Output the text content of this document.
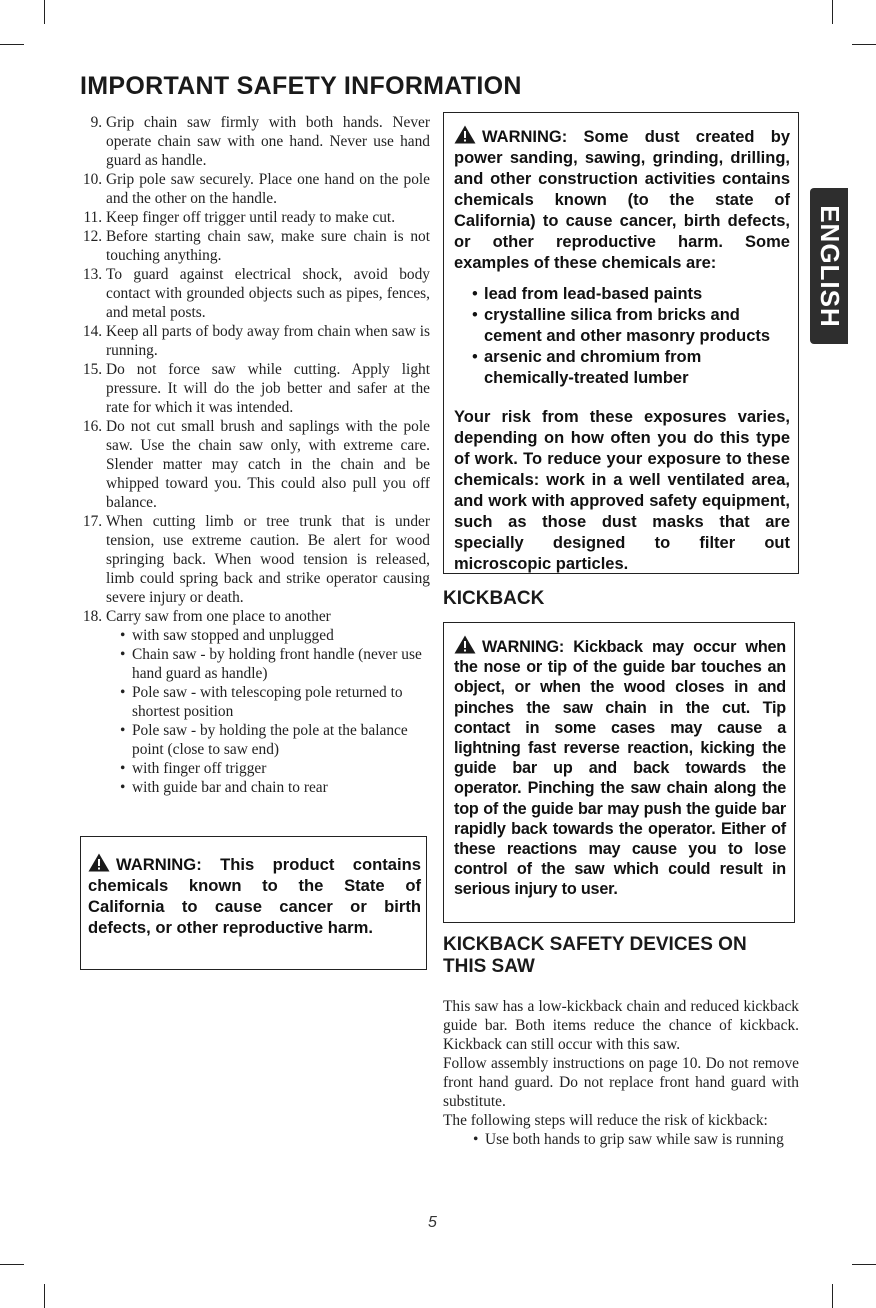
IMPORTANT SAFETY INFORMATION
ENGLISH
9. Grip chain saw firmly with both hands. Never operate chain saw with one hand. Never use hand guard as handle.
10. Grip pole saw securely. Place one hand on the pole and the other on the handle.
11. Keep finger off trigger until ready to make cut.
12. Before starting chain saw, make sure chain is not touching anything.
13. To guard against electrical shock, avoid body contact with grounded objects such as pipes, fences, and metal posts.
14. Keep all parts of body away from chain when saw is running.
15. Do not force saw while cutting. Apply light pressure. It will do the job better and safer at the rate for which it was intended.
16. Do not cut small brush and saplings with the pole saw. Use the chain saw only, with extreme care. Slender matter may catch in the chain and be whipped toward you. This could also pull you off balance.
17. When cutting limb or tree trunk that is under tension, use extreme caution. Be alert for wood springing back. When wood tension is released, limb could spring back and strike operator causing severe injury or death.
18. Carry saw from one place to another
• with saw stopped and unplugged
• Chain saw - by holding front handle (never use hand guard as handle)
• Pole saw - with telescoping pole returned to shortest position
• Pole saw - by holding the pole at the balance point (close to saw end)
• with finger off trigger
• with guide bar and chain to rear

WARNING: This product contains chemicals known to the State of California to cause cancer or birth defects, or other reproductive harm.

WARNING: Some dust created by power sanding, sawing, grinding, drilling, and other construction activities contains chemicals known (to the state of California) to cause cancer, birth defects, or other reproductive harm. Some examples of these chemicals are:

• lead from lead-based paints
• crystalline silica from bricks and cement and other masonry products
• arsenic and chromium from chemically-treated lumber

Your risk from these exposures varies, depending on how often you do this type of work. To reduce your exposure to these chemicals: work in a well ventilated area, and work with approved safety equipment, such as those dust masks that are specially designed to filter out microscopic particles.

KICKBACK

WARNING: Kickback may occur when the nose or tip of the guide bar touches an object, or when the wood closes in and pinches the saw chain in the cut. Tip contact in some cases may cause a lightning fast reverse reaction, kicking the guide bar up and back towards the operator. Pinching the saw chain along the top of the guide bar may push the guide bar rapidly back towards the operator. Either of these reactions may cause you to lose control of the saw which could result in serious injury to user.

KICKBACK SAFETY DEVICES ON THIS SAW

This saw has a low-kickback chain and reduced kickback guide bar. Both items reduce the chance of kickback. Kickback can still occur with this saw.

Follow assembly instructions on page 10. Do not remove front hand guard. Do not replace front hand guard with substitute.

The following steps will reduce the risk of kickback:

• Use both hands to grip saw while saw is running
5
